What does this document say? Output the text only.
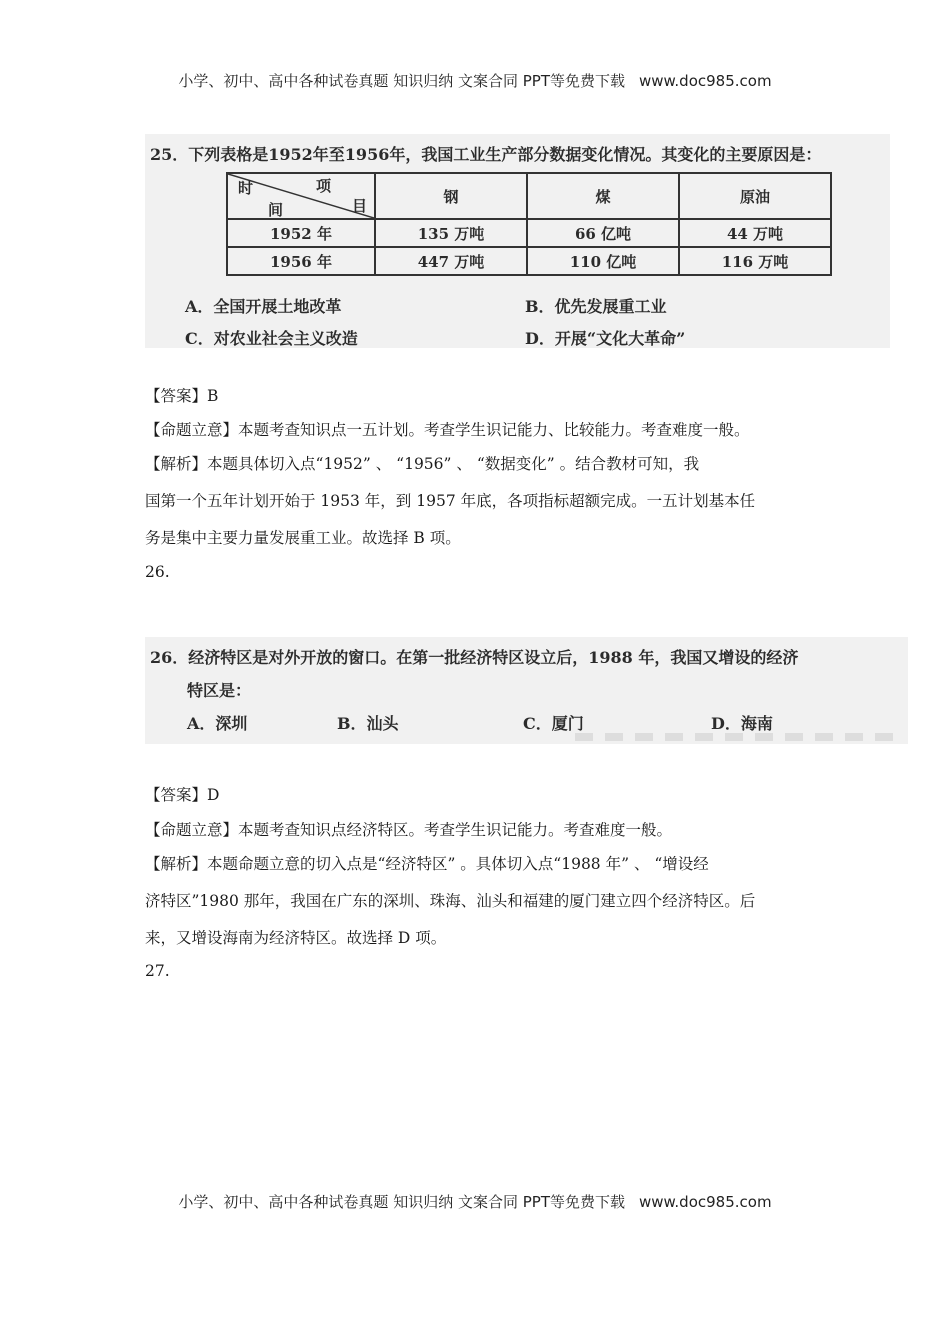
小学、初中、高中各种试卷真题 知识归纳 文案合同 PPT等免费下载 www.doc985.com
25．下列表格是1952年至1956年，我国工业生产部分数据变化情况。其变化的主要原因是：
时 项
间 目	钢	煤	原油
1952 年	135 万吨	66 亿吨	44 万吨
1956 年	447 万吨	110 亿吨	116 万吨
A．全国开展土地改革	B．优先发展重工业
C．对农业社会主义改造	D．开展“文化大革命”
【答案】B
【命题立意】本题考查知识点一五计划。考查学生识记能力、比较能力。考查难度一般。
【解析】本题具体切入点“1952” 、 “1956” 、 “数据变化” 。结合教材可知，我
国第一个五年计划开始于 1953 年，到 1957 年底，各项指标超额完成。一五计划基本任
务是集中主要力量发展重工业。故选择 B 项。
26.
26．经济特区是对外开放的窗口。在第一批经济特区设立后，1988 年，我国又增设的经济
特区是：
A．深圳	B．汕头	C．厦门	D．海南
【答案】D
【命题立意】本题考查知识点经济特区。考查学生识记能力。考查难度一般。
【解析】本题命题立意的切入点是“经济特区” 。具体切入点“1988 年” 、 “增设经
济特区”1980 那年，我国在广东的深圳、珠海、汕头和福建的厦门建立四个经济特区。后
来，又增设海南为经济特区。故选择 D 项。
27.
小学、初中、高中各种试卷真题 知识归纳 文案合同 PPT等免费下载 www.doc985.com
